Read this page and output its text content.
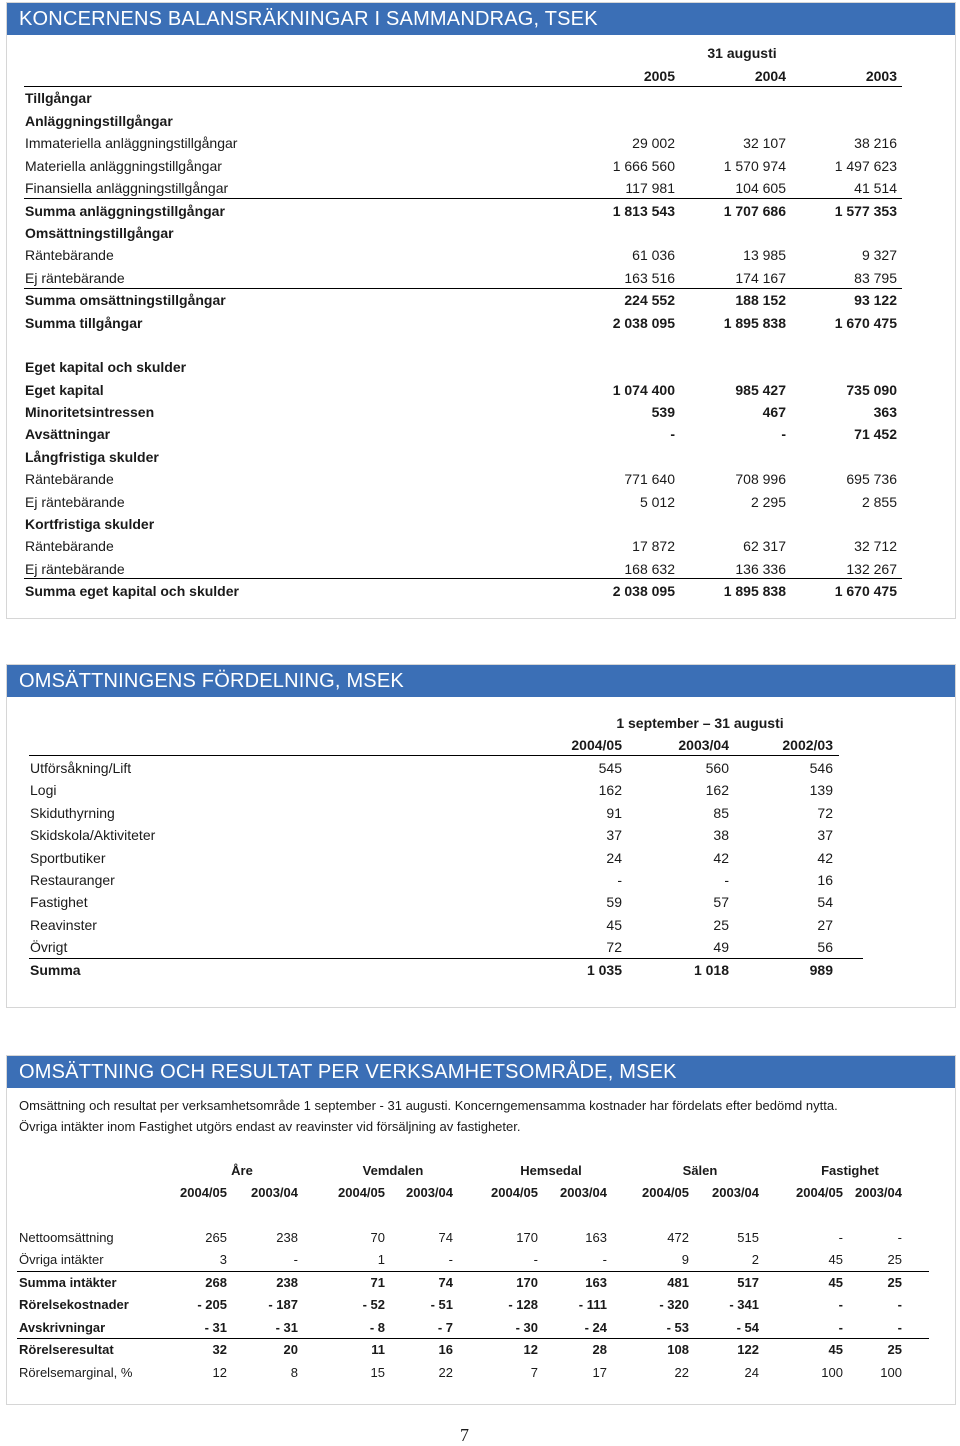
KONCERNENS BALANSRÄKNINGAR I SAMMANDRAG, TSEK
31 augusti
2005	2004	2003
Tillgångar
Anläggningstillgångar
Immateriella anläggningstillgångar	29 002	32 107	38 216
Materiella anläggningstillgångar	1 666 560	1 570 974	1 497 623
Finansiella anläggningstillgångar	117 981	104 605	41 514
Summa anläggningstillgångar	1 813 543	1 707 686	1 577 353
Omsättningstillgångar
Räntebärande	61 036	13 985	9 327
Ej räntebärande	163 516	174 167	83 795
Summa omsättningstillgångar	224 552	188 152	93 122
Summa tillgångar	2 038 095	1 895 838	1 670 475
Eget kapital och skulder
Eget kapital	1 074 400	985 427	735 090
Minoritetsintressen	539	467	363
Avsättningar	-	-	71 452
Långfristiga skulder
Räntebärande	771 640	708 996	695 736
Ej räntebärande	5 012	2 295	2 855
Kortfristiga skulder
Räntebärande	17 872	62 317	32 712
Ej räntebärande	168 632	136 336	132 267
Summa eget kapital och skulder	2 038 095	1 895 838	1 670 475
OMSÄTTNINGENS FÖRDELNING, MSEK
1 september – 31 augusti
2004/05	2003/04	2002/03
Utförsåkning/Lift	545	560	546
Logi	162	162	139
Skiduthyrning	91	85	72
Skidskola/Aktiviteter	37	38	37
Sportbutiker	24	42	42
Restauranger	-	-	16
Fastighet	59	57	54
Reavinster	45	25	27
Övrigt	72	49	56
Summa	1 035	1 018	989
OMSÄTTNING OCH RESULTAT PER VERKSAMHETSOMRÅDE, MSEK
Omsättning och resultat per verksamhetsområde 1 september - 31 augusti. Koncerngemensamma kostnader har fördelats efter bedömd nytta.
Övriga intäkter inom Fastighet utgörs endast av reavinster vid försäljning av fastigheter.
Åre	Vemdalen	Hemsedal	Sälen	Fastighet
2004/05	2003/04	2004/05	2003/04	2004/05	2003/04	2004/05	2003/04	2004/05 2003/04
Nettoomsättning	265	238	70	74	170	163	472	515	-	-
Övriga intäkter	3	-	1	-	-	-	9	2	45	25
Summa intäkter	268	238	71	74	170	163	481	517	45	25
Rörelsekostnader	- 205	- 187	- 52	- 51	- 128	- 111	- 320	- 341	-	-
Avskrivningar	- 31	- 31	- 8	- 7	- 30	- 24	- 53	- 54	-	-
Rörelseresultat	32	20	11	16	12	28	108	122	45	25
Rörelsemarginal, %	12	8	15	22	7	17	22	24	100	100
7
